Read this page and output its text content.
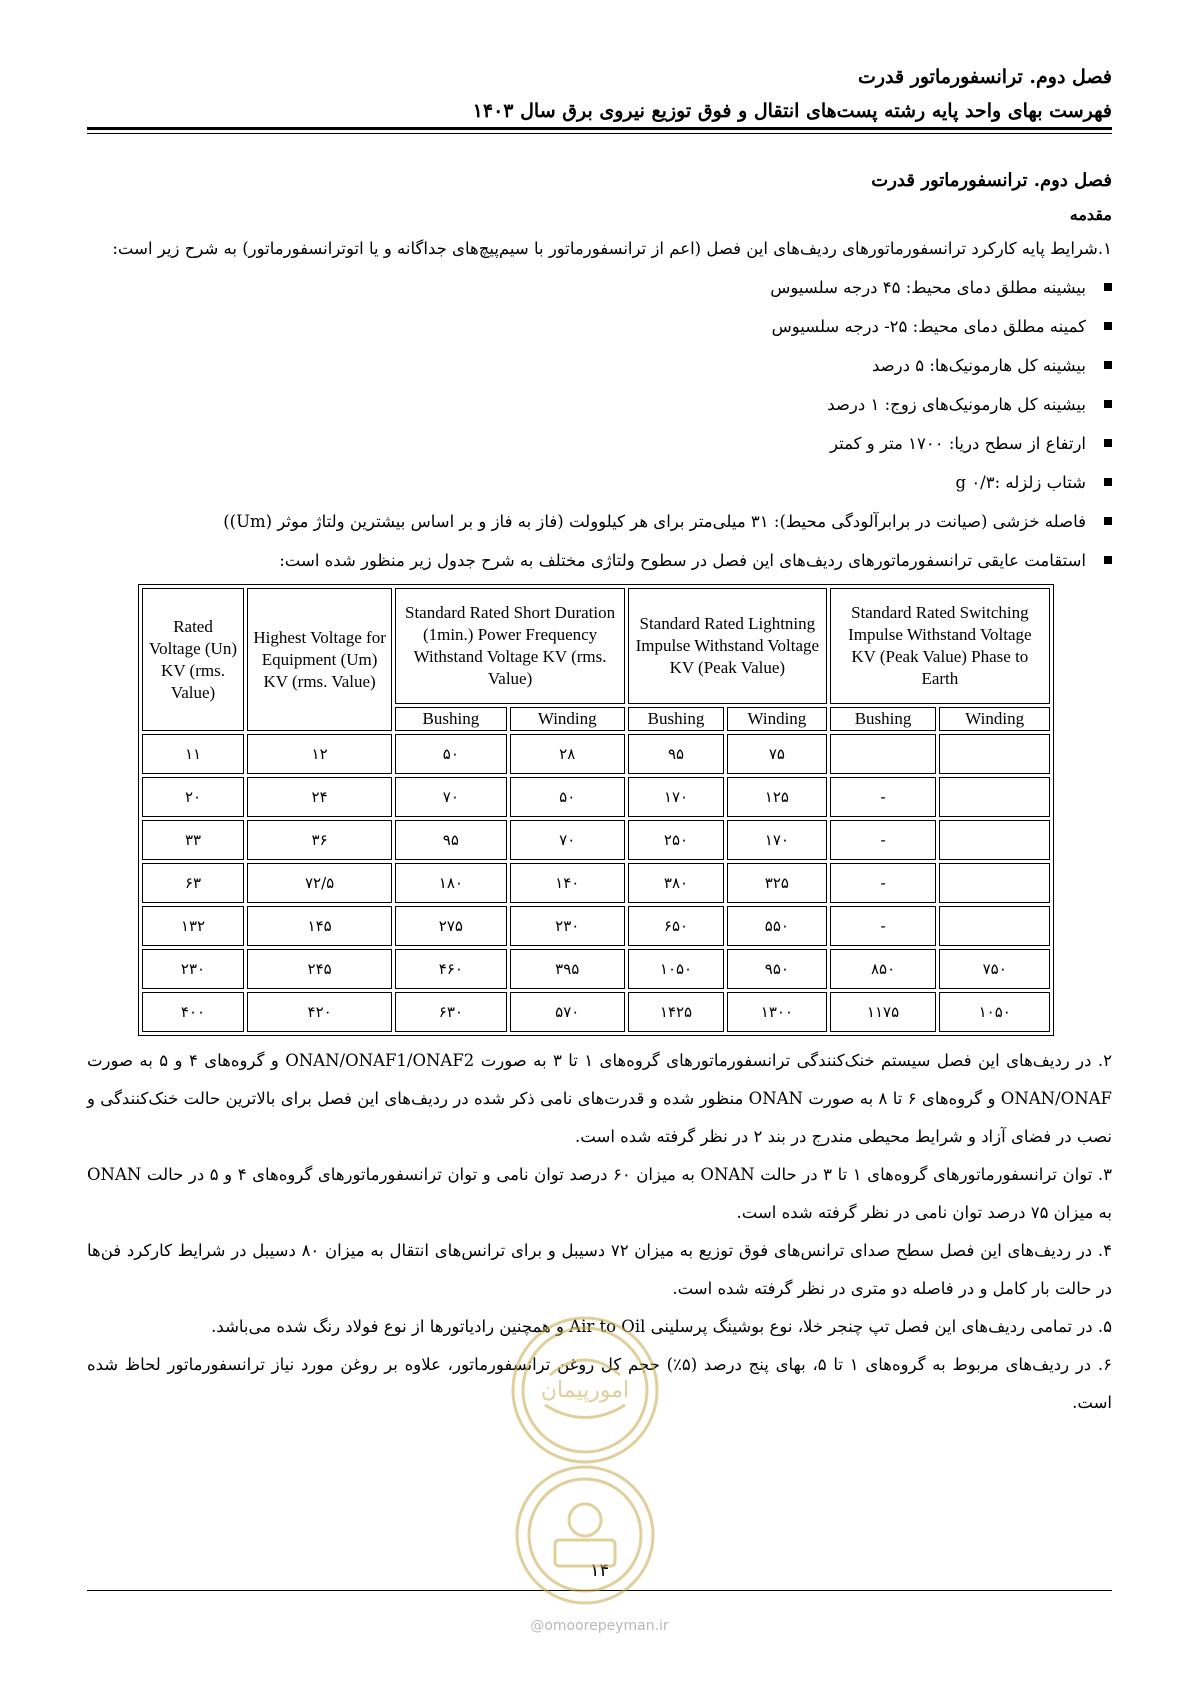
فصل دوم. ترانسفورماتور قدرت
فهرست بهای واحد پایه رشته پست‌های انتقال و فوق توزیع نیروی برق سال ۱۴۰۳
فصل دوم. ترانسفورماتور قدرت
مقدمه

۱.شرایط پایه کارکرد ترانسفورماتورهای ردیف‌های این فصل (اعم از ترانسفورماتور با سیم‌پیچ‌های جداگانه و یا اتوترانسفورماتور) به شرح زیر است:

بیشینه مطلق دمای محیط: ۴۵ درجه سلسیوس
کمینه مطلق دمای محیط: ۲۵- درجه سلسیوس
بیشینه کل هارمونیک‌ها: ۵ درصد
بیشینه کل هارمونیک‌های زوج: ۱ درصد
ارتفاع از سطح دریا: ۱۷۰۰ متر و کمتر
شتاب زلزله :g ۰/۳
فاصله خزشی (صیانت در برابرآلودگی محیط): ۳۱ میلی‌متر برای هر کیلوولت (فاز به فاز و بر اساس بیشترین ولتاژ موثر (Um))
استقامت عایقی ترانسفورماتورهای ردیف‌های این فصل در سطوح ولتاژی مختلف به شرح جدول زیر منظور شده است:
Rated Voltage (Un) KV (rms. Value)	Highest Voltage for Equipment (Um) KV (rms. Value)	Standard Rated Short Duration (1min.) Power Frequency Withstand Voltage KV (rms. Value)		Standard Rated Lightning Impulse Withstand Voltage KV (Peak Value)		Standard Rated Switching Impulse Withstand Voltage KV (Peak Value) Phase to Earth	
		Bushing	Winding	Bushing	Winding	Bushing	Winding
۱۱	۱۲	۵۰	۲۸	۹۵	۷۵		
۲۰	۲۴	۷۰	۵۰	۱۷۰	۱۲۵	-	
۳۳	۳۶	۹۵	۷۰	۲۵۰	۱۷۰	-	
۶۳	۷۲/۵	۱۸۰	۱۴۰	۳۸۰	۳۲۵	-	
۱۳۲	۱۴۵	۲۷۵	۲۳۰	۶۵۰	۵۵۰	-	
۲۳۰	۲۴۵	۴۶۰	۳۹۵	۱۰۵۰	۹۵۰	۸۵۰	۷۵۰
۴۰۰	۴۲۰	۶۳۰	۵۷۰	۱۴۲۵	۱۳۰۰	۱۱۷۵	۱۰۵۰

۲. در ردیف‌های این فصل سیستم خنک‌کنندگی ترانسفورماتورهای گروه‌های ۱ تا ۳ به صورت ONAN/ONAF1/ONAF2 و گروه‌های ۴ و ۵ به صورت ONAN/ONAF و گروه‌های ۶ تا ۸ به صورت ONAN منظور شده و قدرت‌های نامی ذکر شده در ردیف‌های این فصل برای بالاترین حالت خنک‌کنندگی و نصب در فضای آزاد و شرایط محیطی مندرج در بند ۲ در نظر گرفته شده است.

۳. توان ترانسفورماتورهای گروه‌های ۱ تا ۳ در حالت ONAN به میزان ۶۰ درصد توان نامی و توان ترانسفورماتورهای گروه‌های ۴ و ۵ در حالت ONAN به میزان ۷۵ درصد توان نامی در نظر گرفته شده است.

۴. در ردیف‌های این فصل سطح صدای ترانس‌های فوق توزیع به میزان ۷۲ دسیبل و برای ترانس‌های انتقال به میزان ۸۰ دسیبل در شرایط کارکرد فن‌ها در حالت بار کامل و در فاصله دو متری در نظر گرفته شده است.

۵. در تمامی ردیف‌های این فصل تپ چنجر خلا، نوع بوشینگ پرسلینی Air to Oil و همچنین رادیاتورها از نوع فولاد رنگ شده می‌باشد.

۶. در ردیف‌های مربوط به گروه‌های ۱ تا ۵، بهای پنج درصد (۵٪) حجم کل روغن ترانسفورماتور، علاوه بر روغن مورد نیاز ترانسفورماتور لحاظ شده است.

۱۴
@omoorepeyman.ir
امورپیمان
